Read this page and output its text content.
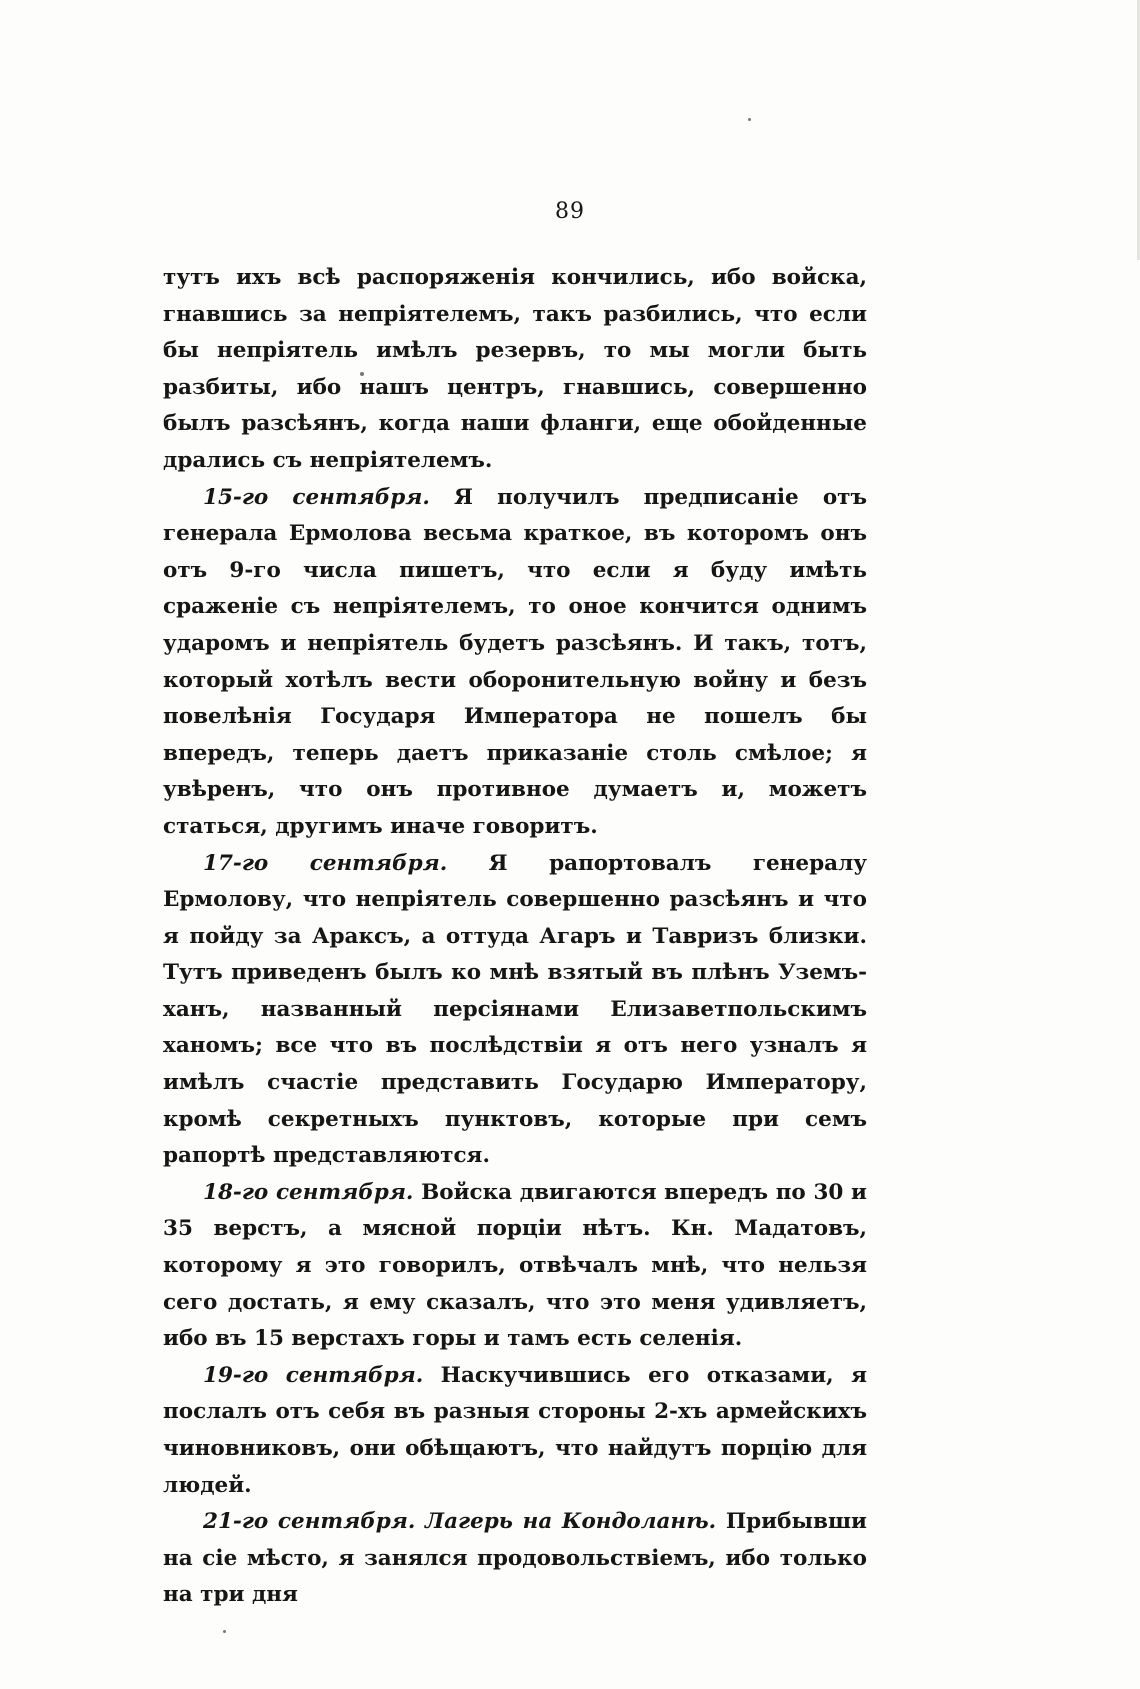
89

тутъ ихъ всѣ распоряженія кончились, ибо войска, гнавшись за непріятелемъ, такъ разбились, что если бы непріятель имѣлъ резервъ, то мы могли быть разбиты, ибо нашъ центръ, гнавшись, совершенно былъ разсѣянъ, когда наши фланги, еще обойденные дрались съ непріятелемъ.

15-го сентября. Я получилъ предписаніе отъ генерала Ермолова весьма краткое, въ которомъ онъ отъ 9-го числа пишетъ, что если я буду имѣть сраженіе съ непріятелемъ, то оное кончится однимъ ударомъ и непріятель будетъ разсѣянъ. И такъ, тотъ, который хотѣлъ вести оборонительную войну и безъ повелѣнія Государя Императора не пошелъ бы впередъ, теперь даетъ приказаніе столь смѣлое; я увѣренъ, что онъ противное думаетъ и, можетъ статься, другимъ иначе говоритъ.

17-го сентября. Я рапортовалъ генералу Ермолову, что непріятель совершенно разсѣянъ и что я пойду за Араксъ, а оттуда Агаръ и Тавризъ близки. Тутъ приведенъ былъ ко мнѣ взятый въ плѣнъ Уземъ-ханъ, названный персіянами Елизаветпольскимъ ханомъ; все что въ послѣдствіи я отъ него узналъ я имѣлъ счастіе представить Государю Императору, кромѣ секретныхъ пунктовъ, которые при семъ рапортѣ представляются.

18-го сентября. Войска двигаются впередъ по 30 и 35 верстъ, а мясной порціи нѣтъ. Кн. Мадатовъ, которому я это говорилъ, отвѣчалъ мнѣ, что нельзя сего достать, я ему сказалъ, что это меня удивляетъ, ибо въ 15 верстахъ горы и тамъ есть селенія.

19-го сентября. Наскучившись его отказами, я послалъ отъ себя въ разныя стороны 2-хъ армейскихъ чиновниковъ, они обѣщаютъ, что найдутъ порцію для людей.

21-го сентября. Лагерь на Кондоланѣ. Прибывши на сіе мѣсто, я занялся продовольствіемъ, ибо только на три дня
